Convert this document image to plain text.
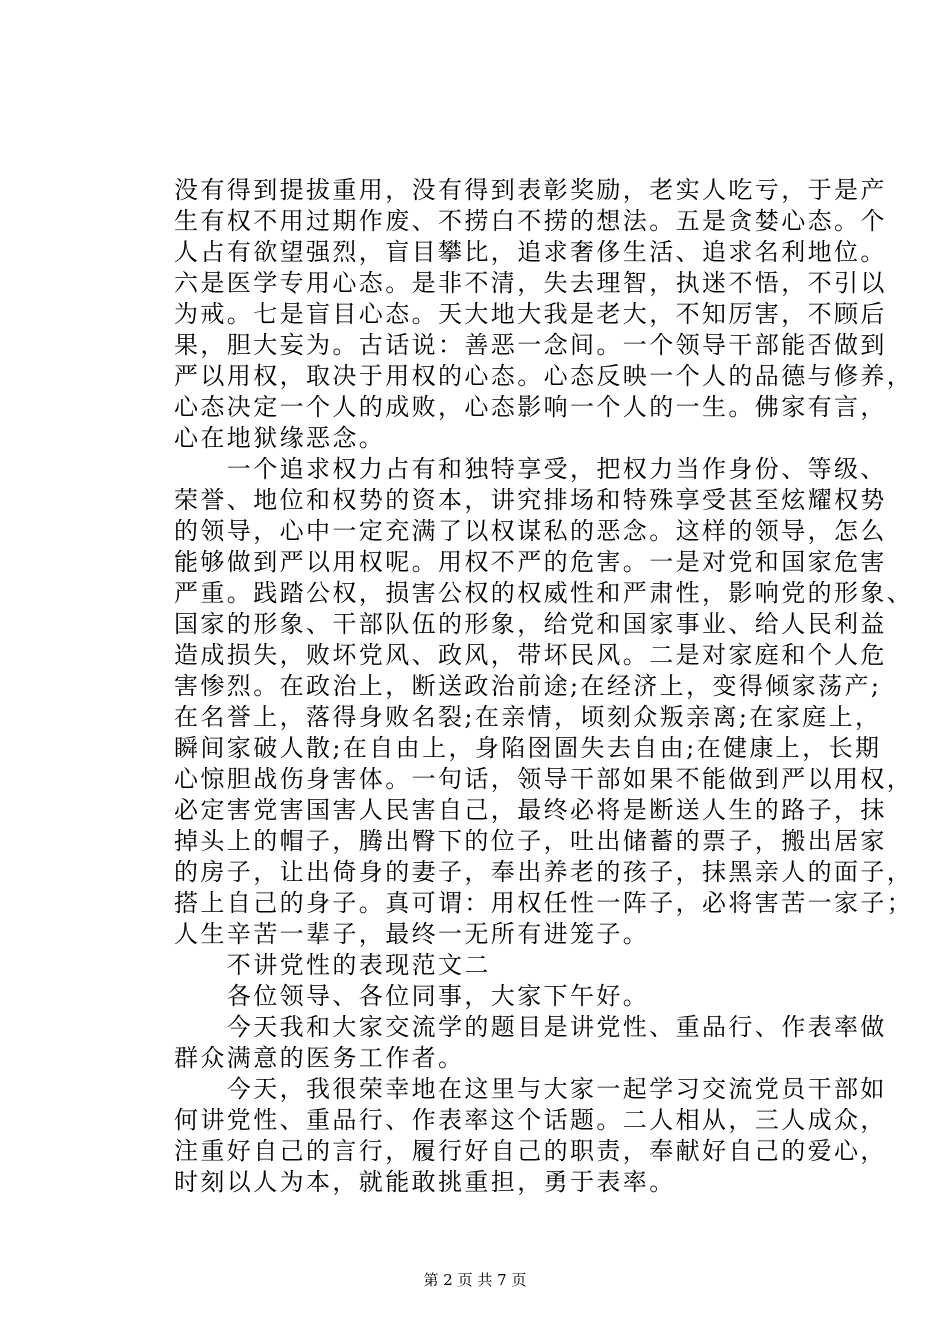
没有得到提拔重用，没有得到表彰奖励，老实人吃亏，于是产
生有权不用过期作废、不捞白不捞的想法。五是贪婪心态。个
人占有欲望强烈，盲目攀比，追求奢侈生活、追求名利地位。
六是医学专用心态。是非不清，失去理智，执迷不悟，不引以
为戒。七是盲目心态。天大地大我是老大，不知厉害，不顾后
果，胆大妄为。古话说：善恶一念间。一个领导干部能否做到
严以用权，取决于用权的心态。心态反映一个人的品德与修养，
心态决定一个人的成败，心态影响一个人的一生。佛家有言，
心在地狱缘恶念。
　　一个追求权力占有和独特享受，把权力当作身份、等级、
荣誉、地位和权势的资本，讲究排场和特殊享受甚至炫耀权势
的领导，心中一定充满了以权谋私的恶念。这样的领导，怎么
能够做到严以用权呢。用权不严的危害。一是对党和国家危害
严重。践踏公权，损害公权的权威性和严肃性，影响党的形象、
国家的形象、干部队伍的形象，给党和国家事业、给人民利益
造成损失，败坏党风、政风，带坏民风。二是对家庭和个人危
害惨烈。在政治上，断送政治前途;在经济上，变得倾家荡产;
在名誉上，落得身败名裂;在亲情，顷刻众叛亲离;在家庭上，
瞬间家破人散;在自由上，身陷囹圄失去自由;在健康上，长期
心惊胆战伤身害体。一句话，领导干部如果不能做到严以用权，
必定害党害国害人民害自己，最终必将是断送人生的路子，抹
掉头上的帽子，腾出臀下的位子，吐出储蓄的票子，搬出居家
的房子，让出倚身的妻子，奉出养老的孩子，抹黑亲人的面子，
搭上自己的身子。真可谓：用权任性一阵子，必将害苦一家子；
人生辛苦一辈子，最终一无所有进笼子。
　　不讲党性的表现范文二
　　各位领导、各位同事，大家下午好。
　　今天我和大家交流学的题目是讲党性、重品行、作表率做
群众满意的医务工作者。
　　今天，我很荣幸地在这里与大家一起学习交流党员干部如
何讲党性、重品行、作表率这个话题。二人相从，三人成众，
注重好自己的言行，履行好自己的职责，奉献好自己的爱心，
时刻以人为本，就能敢挑重担，勇于表率。
第 2 页 共 7 页
